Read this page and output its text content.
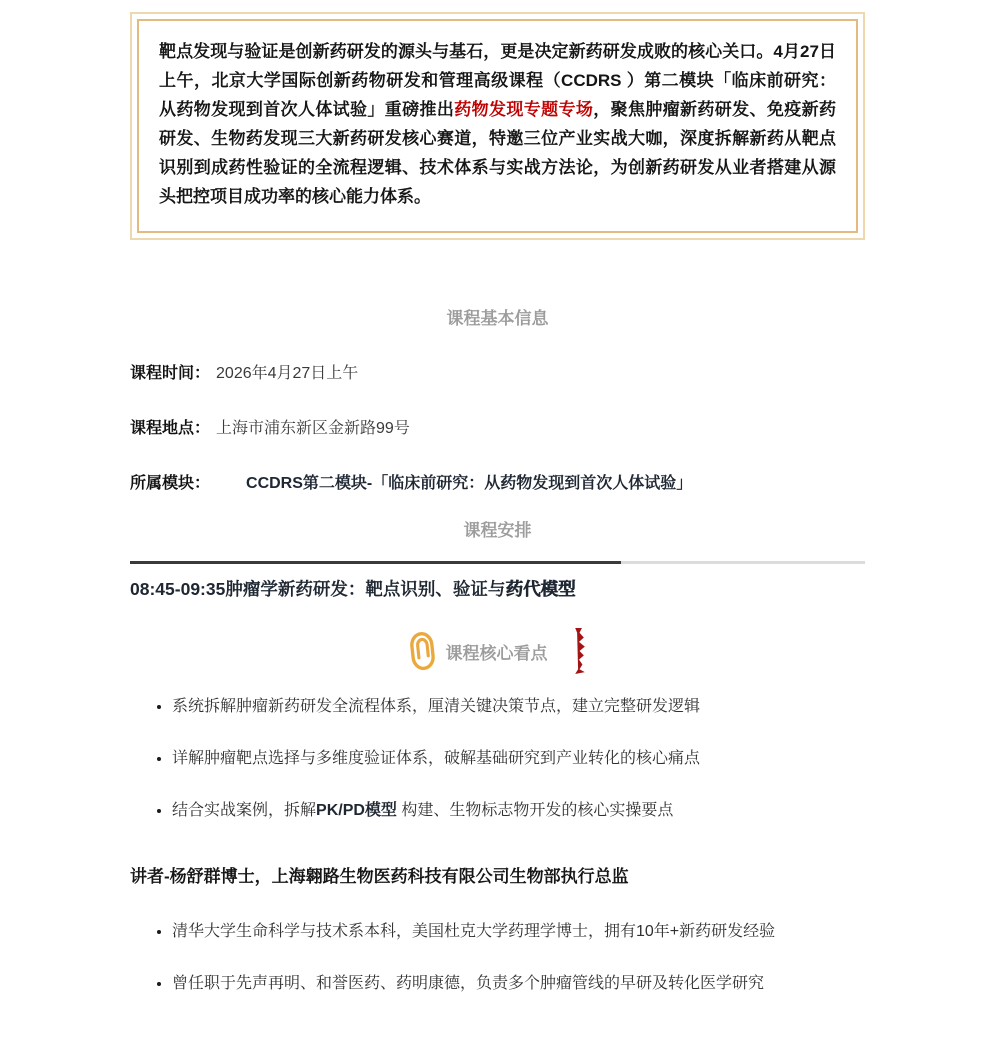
靶点发现与验证是创新药研发的源头与基石，更是决定新药研发成败的核心关口。4月27日上午，北京大学国际创新药物研发和管理高级课程（CCDRS ）第二模块「临床前研究：从药物发现到首次人体试验」重磅推出药物发现专题专场，聚焦肿瘤新药研发、免疫新药研发、生物药发现三大新药研发核心赛道，特邀三位产业实战大咖，深度拆解新药从靶点识别到成药性验证的全流程逻辑、技术体系与实战方法论，为创新药研发从业者搭建从源头把控项目成功率的核心能力体系。

课程基本信息
课程时间： 2026年4月27日上午
课程地点： 上海市浦东新区金新路99号
所属模块： CCDRS第二模块-「临床前研究：从药物发现到首次人体试验」
课程安排
08:45-09:35肿瘤学新药研发：靶点识别、验证与药代模型
课程核心看点
• 系统拆解肿瘤新药研发全流程体系，厘清关键决策节点，建立完整研发逻辑
• 详解肿瘤靶点选择与多维度验证体系，破解基础研究到产业转化的核心痛点
• 结合实战案例，拆解PK/PD模型 构建、生物标志物开发的核心实操要点
讲者-杨舒群博士，上海翱路生物医药科技有限公司生物部执行总监
• 清华大学生命科学与技术系本科，美国杜克大学药理学博士，拥有10年+新药研发经验
• 曾任职于先声再明、和誉医药、药明康德，负责多个肿瘤管线的早研及转化医学研究
